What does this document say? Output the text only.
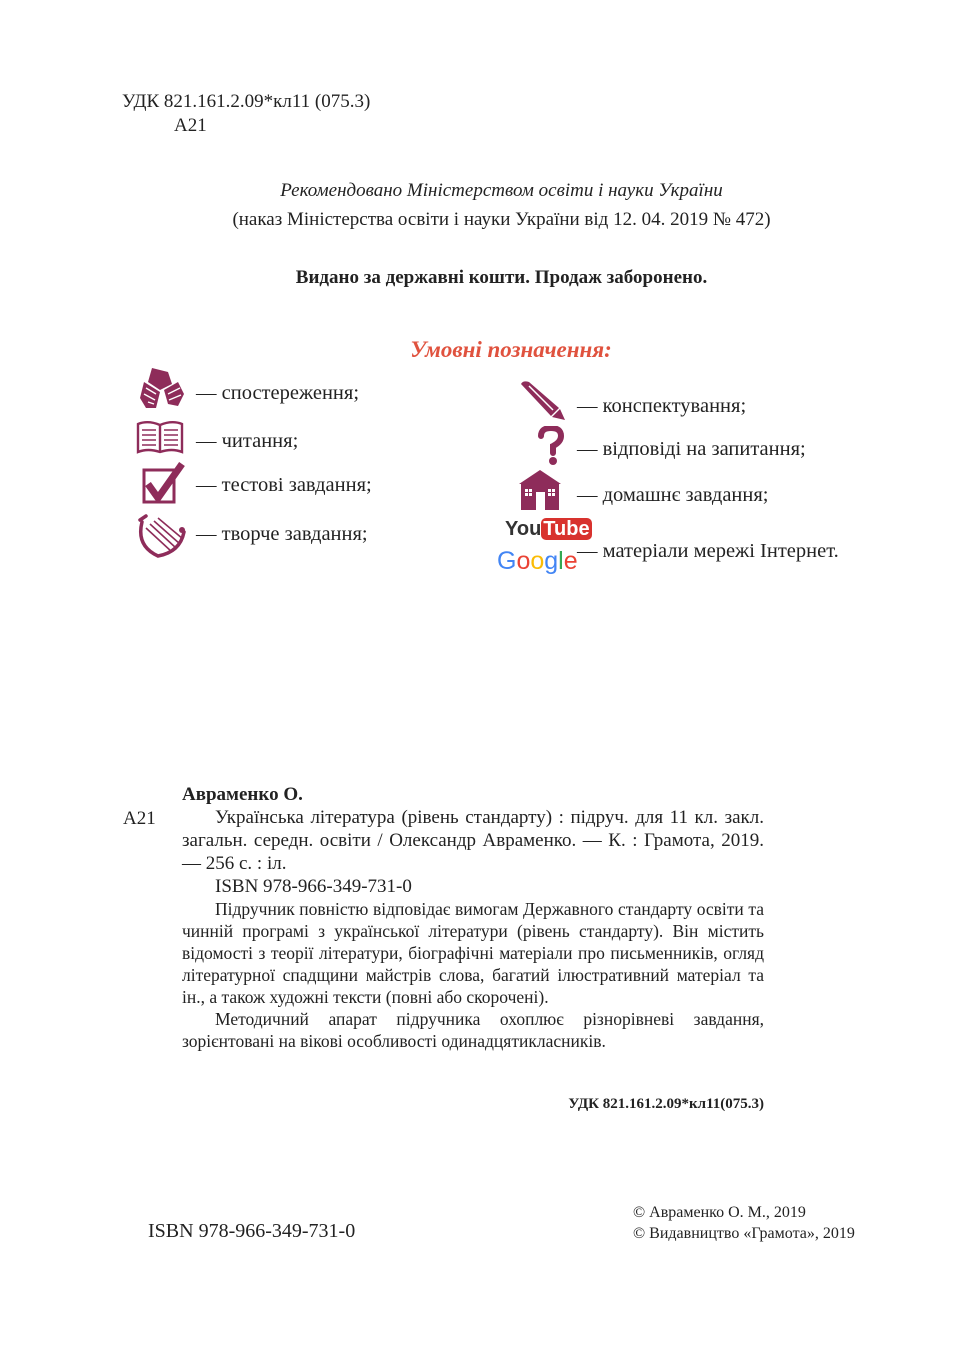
УДК 821.161.2.09*кл11 (075.3)
А21
Рекомендовано Міністерством освіти і науки України
(наказ Міністерства освіти і науки України від 12. 04. 2019 № 472)
Видано за державні кошти. Продаж заборонено.
Умовні позначення:
— спостереження;
— читання;
— тестові завдання;
— творче завдання;	You Tube
Google
— конспектування;
— відповіді на запитання;
— домашнє завдання;
— матеріали мережі Інтернет.
А21

Авраменко О.

Українська література (рівень стандарту) : підруч. для 11 кл. закл. загальн. середн. освіти / Олександр Авраменко. — К. : Грамота, 2019. — 256 с. : іл.

ISBN 978-966-349-731-0

Підручник повністю відповідає вимогам Державного стандарту освіти та чинній програмі з української літератури (рівень стандарту). Він містить відомості з теорії літератури, біографічні матеріали про письменників, огляд літературної спадщини майстрів слова, багатий ілюстративний матеріал та ін., а також художні тексти (повні або скорочені).

Методичний апарат підручника охоплює різнорівневі завдання, зорієнтовані на вікові особливості одинадцятикласників.

УДК 821.161.2.09*кл11(075.3)
ISBN 978-966-349-731-0
© Авраменко О. М., 2019
© Видавництво «Грамота», 2019
